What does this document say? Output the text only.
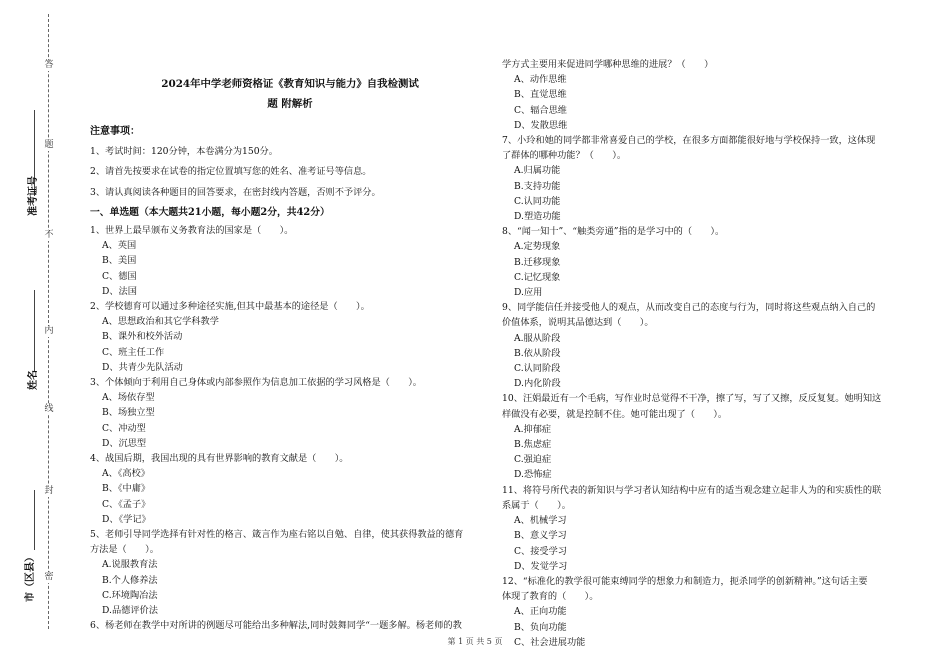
答
题
不
内
线
封
密
准考证号
姓名
市（区县）
2024年中学老师资格证《教育知识与能力》自我检测试
题 附解析
注意事项：
1、考试时间：120分钟，本卷满分为150分。
2、请首先按要求在试卷的指定位置填写您的姓名、准考证号等信息。
3、请认真阅读各种题目的回答要求，在密封线内答题，否则不予评分。
一、单选题（本大题共21小题，每小题2分，共42分）
1、世界上最早颁布义务教育法的国家是（　　）。
A、英国
B、美国
C、德国
D、法国
2、学校德育可以通过多种途径实施,但其中最基本的途径是（　　）。
A、思想政治和其它学科教学
B、课外和校外活动
C、班主任工作
D、共青少先队活动
3、个体倾向于利用自己身体或内部参照作为信息加工依据的学习风格是（　　）。
A、场依存型
B、场独立型
C、冲动型
D、沉思型
4、战国后期，我国出现的具有世界影响的教育文献是（　　）。
A、《高校》
B、《中庸》
C、《孟子》
D、《学记》
5、老师引导同学选择有针对性的格言、箴言作为座右铭以自勉、自律，使其获得教益的德育
方法是（　　）。
A.说服教育法
B.个人修养法
C.环境陶冶法
D.品德评价法
6、杨老师在教学中对所讲的例题尽可能给出多种解法,同时鼓舞同学“一题多解。杨老师的教
学方式主要用来促进同学哪种思维的进展？（　　）
A、动作思维
B、直觉思维
C、辐合思维
D、发散思维
7、小玲和她的同学都非常喜爱自己的学校，在很多方面都能很好地与学校保持一致，这体现
了群体的哪种功能？（　　）。
A.归属功能
B.支持功能
C.认同功能
D.塑造功能
8、“闻一知十”、“触类旁通”指的是学习中的（　　）。
A.定势现象
B.迁移现象
C.记忆现象
D.应用
9、同学能信任并接受他人的观点，从而改变自己的态度与行为，同时将这些观点纳入自己的
价值体系，说明其品德达到（　　）。
A.服从阶段
B.依从阶段
C.认同阶段
D.内化阶段
10、汪娟最近有一个毛病，写作业时总觉得不干净，擦了写，写了又擦，反反复复。她明知这
样做没有必要，就是控制不住。她可能出现了（　　）。
A.抑郁症
B.焦虑症
C.强迫症
D.恐怖症
11、将符号所代表的新知识与学习者认知结构中应有的适当观念建立起非人为的和实质性的联
系属于（　　）。
A、机械学习
B、意义学习
C、接受学习
D、发觉学习
12、“标准化的教学很可能束缚同学的想象力和制造力，扼杀同学的创新精神。”这句话主要
体现了教育的（　　）。
A、正向功能
B、负向功能
C、社会进展功能
第 1 页 共 5 页
